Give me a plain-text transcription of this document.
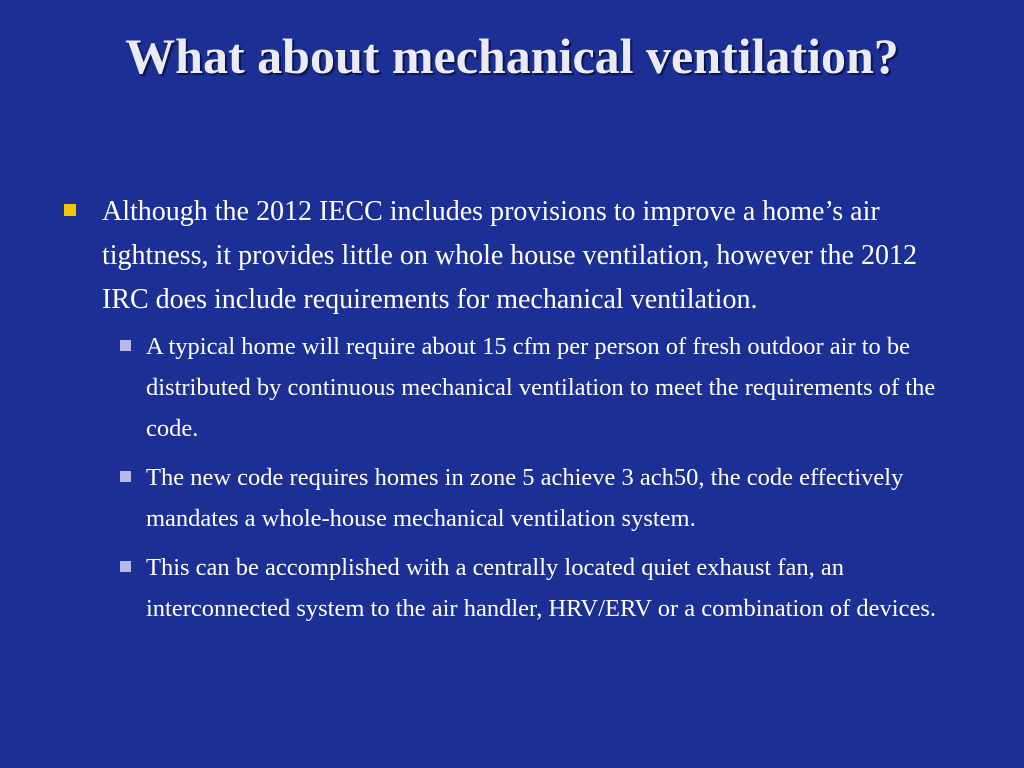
What about mechanical ventilation?
Although the 2012 IECC includes provisions to improve a home’s air tightness, it provides little on whole house ventilation, however the 2012 IRC does include requirements for mechanical ventilation.
A typical home will require about 15 cfm per person of fresh outdoor air to be distributed by continuous mechanical ventilation to meet the requirements of the code.
The new code requires homes in zone 5 achieve 3 ach50, the code effectively mandates a whole-house mechanical ventilation system.
This can be accomplished with a centrally located quiet exhaust fan, an interconnected system to the air handler, HRV/ERV or a combination of devices.
